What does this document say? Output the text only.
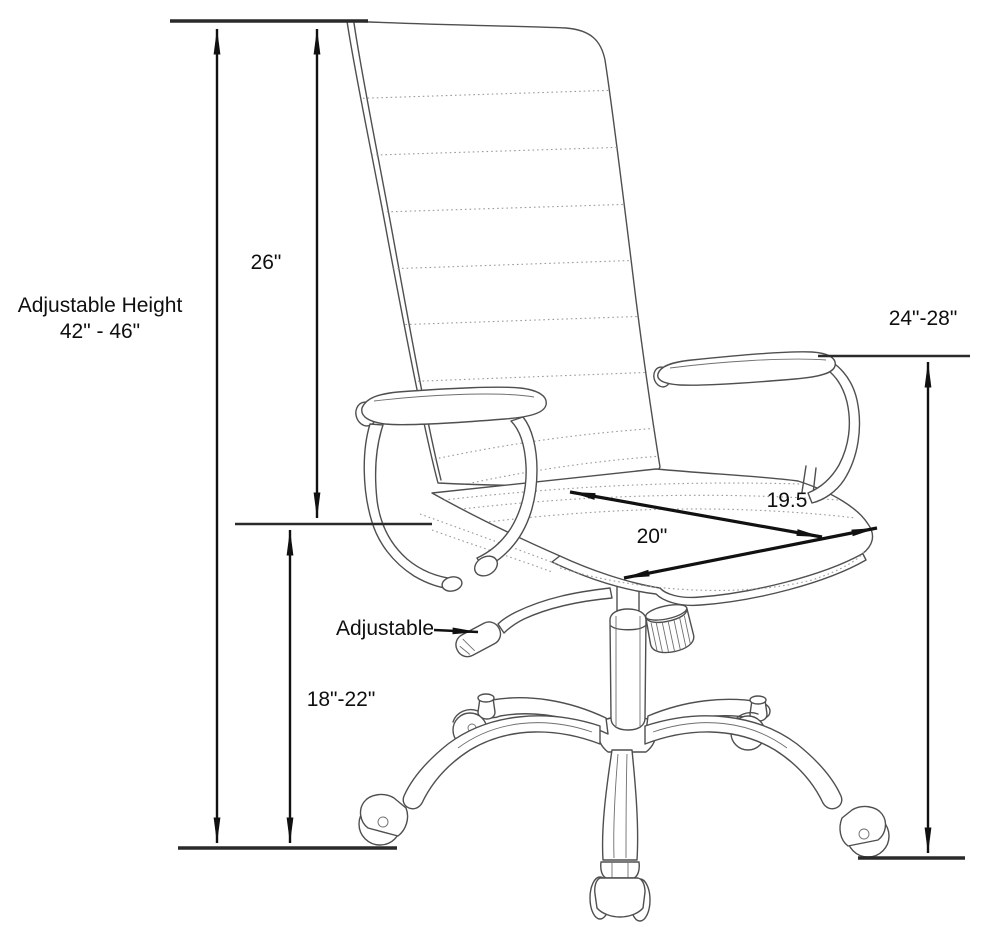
Adjustable Height
42" - 46"
26"
18"-22"
24"-28"
19.5
20"
Adjustable
